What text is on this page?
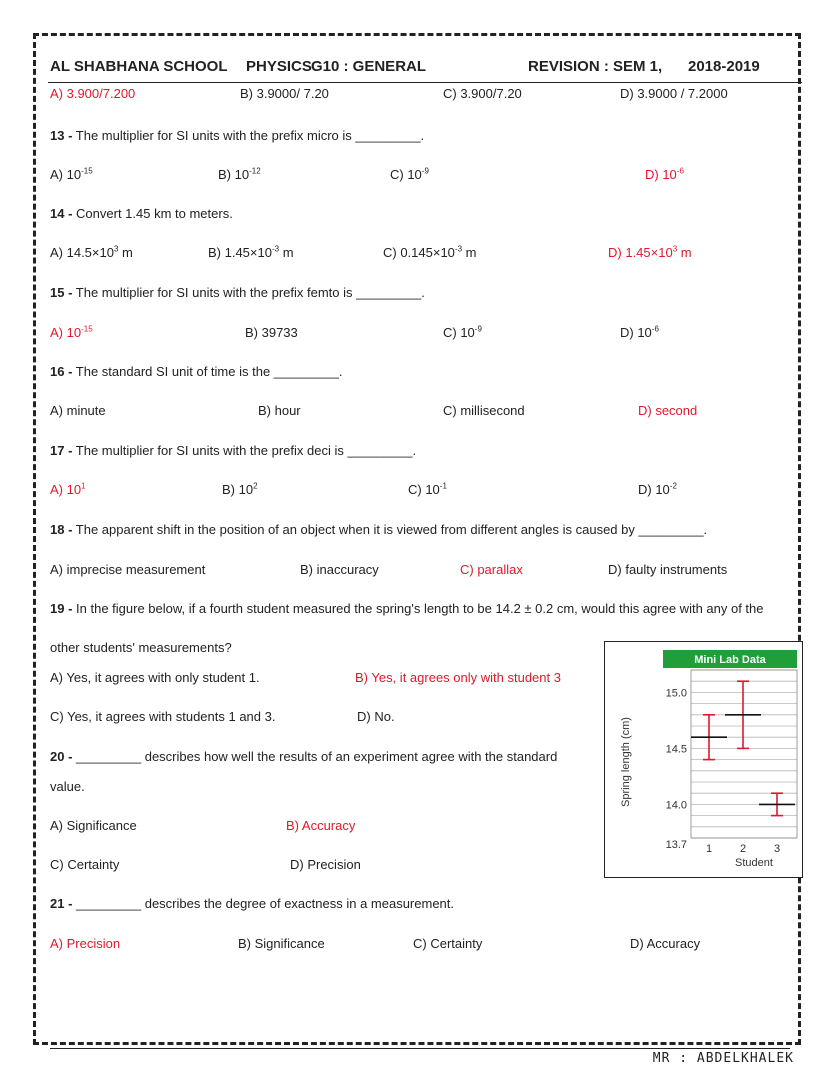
AL SHABHANA SCHOOL PHYSICS G10 : GENERAL	REVISION : SEM 1, 2018-2019
A) 3.900/7.200	B) 3.9000/ 7.20	C) 3.900/7.20	D) 3.9000 / 7.2000
13 - The multiplier for SI units with the prefix micro is _________.
A) $10^{-15}$	B) $10^{-12}$	C) $10^{-9}$	D) $10^{-6}$
14 - Convert 1.45 km to meters.
A) $14.5\times 10^3$ m	B) $1.45\times 10^{-3}$ m	C) $0.145\times 10^{-3}$ m	D) $1.45\times 10^3$ m
15 - The multiplier for SI units with the prefix femto is _________.
A) $10^{-15}$	B) 39733	C) $10^{-9}$	D) $10^{-6}$
16 - The standard SI unit of time is the _________.
A) minute	B) hour	C) millisecond	D) second
17 - The multiplier for SI units with the prefix deci is _________.
A) $10^1$	B) $10^2$	C) $10^{-1}$	D) $10^{-2}$
18 - The apparent shift in the position of an object when it is viewed from different angles is caused by _________.
A) imprecise measurement	B) inaccuracy	C) parallax	D) faulty instruments
19 - In the figure below, if a fourth student measured the spring's length to be 14.2 ± 0.2 cm, would this agree with any of the
other students' measurements?
A) Yes, it agrees with only student 1.	B) Yes, it agrees only with student 3
C) Yes, it agrees with students 1 and 3.	D) No.
20 - _________ describes how well the results of an experiment agree with the standard
value.
A) Significance	B) Accuracy
C) Certainty	D) Precision
21 - _________ describes the degree of exactness in a measurement.
A) Precision	B) Significance	C) Certainty	D) Accuracy
Mini Lab Data
13.7
14.0
14.5
15.0
Spring length (cm)
1	2	3
Student
MR : ABDELKHALEK
